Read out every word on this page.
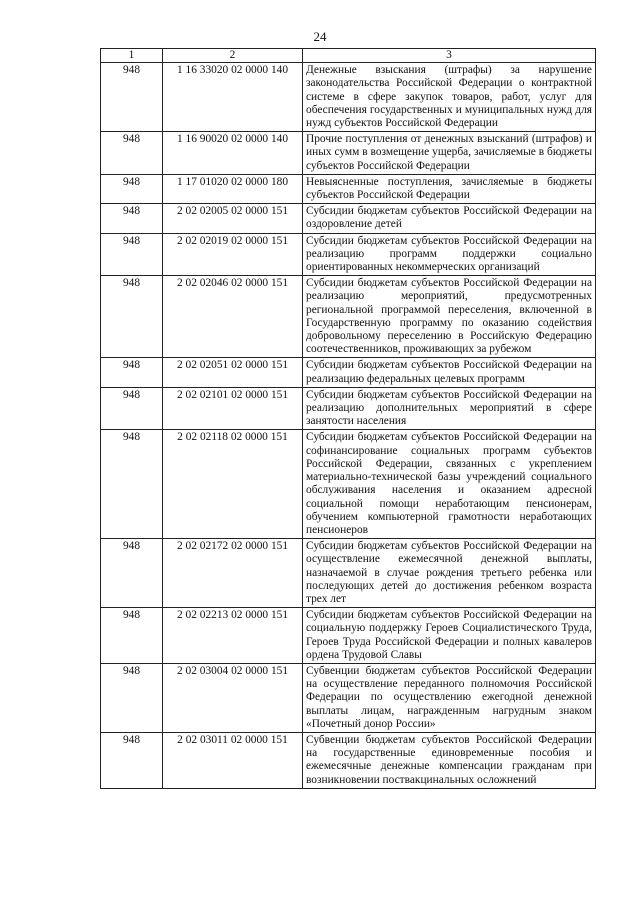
24
1	2	3
948	1 16 33020 02 0000 140	Денежные взыскания (штрафы) за нарушение законодательства Российской Федерации о контрактной системе в сфере закупок товаров, работ, услуг для обеспечения государственных и муниципальных нужд для нужд субъектов Российской Федерации
948	1 16 90020 02 0000 140	Прочие поступления от денежных взысканий (штрафов) и иных сумм в возмещение ущерба, зачисляемые в бюджеты субъектов Российской Федерации
948	1 17 01020 02 0000 180	Невыясненные поступления, зачисляемые в бюджеты субъектов Российской Федерации
948	2 02 02005 02 0000 151	Субсидии бюджетам субъектов Российской Федерации на оздоровление детей
948	2 02 02019 02 0000 151	Субсидии бюджетам субъектов Российской Федерации на реализацию программ поддержки социально ориентированных некоммерческих организаций
948	2 02 02046 02 0000 151	Субсидии бюджетам субъектов Российской Федерации на реализацию мероприятий, предусмотренных региональной программой переселения, включенной в Государственную программу по оказанию содействия добровольному переселению в Российскую Федерацию соотечественников, проживающих за рубежом
948	2 02 02051 02 0000 151	Субсидии бюджетам субъектов Российской Федерации на реализацию федеральных целевых программ
948	2 02 02101 02 0000 151	Субсидии бюджетам субъектов Российской Федерации на реализацию дополнительных мероприятий в сфере занятости населения
948	2 02 02118 02 0000 151	Субсидии бюджетам субъектов Российской Федерации на софинансирование социальных программ субъектов Российской Федерации, связанных с укреплением материально-технической базы учреждений социального обслуживания населения и оказанием адресной социальной помощи неработающим пенсионерам, обучением компьютерной грамотности неработающих пенсионеров
948	2 02 02172 02 0000 151	Субсидии бюджетам субъектов Российской Федерации на осуществление ежемесячной денежной выплаты, назначаемой в случае рождения третьего ребенка или последующих детей до достижения ребенком возраста трех лет
948	2 02 02213 02 0000 151	Субсидии бюджетам субъектов Российской Федерации на социальную поддержку Героев Социалистического Труда, Героев Труда Российской Федерации и полных кавалеров ордена Трудовой Славы
948	2 02 03004 02 0000 151	Субвенции бюджетам субъектов Российской Федерации на осуществление переданного полномочия Российской Федерации по осуществлению ежегодной денежной выплаты лицам, награжденным нагрудным знаком «Почетный донор России»
948	2 02 03011 02 0000 151	Субвенции бюджетам субъектов Российской Федерации на государственные единовременные пособия и ежемесячные денежные компенсации гражданам при возникновении поствакцинальных осложнений
